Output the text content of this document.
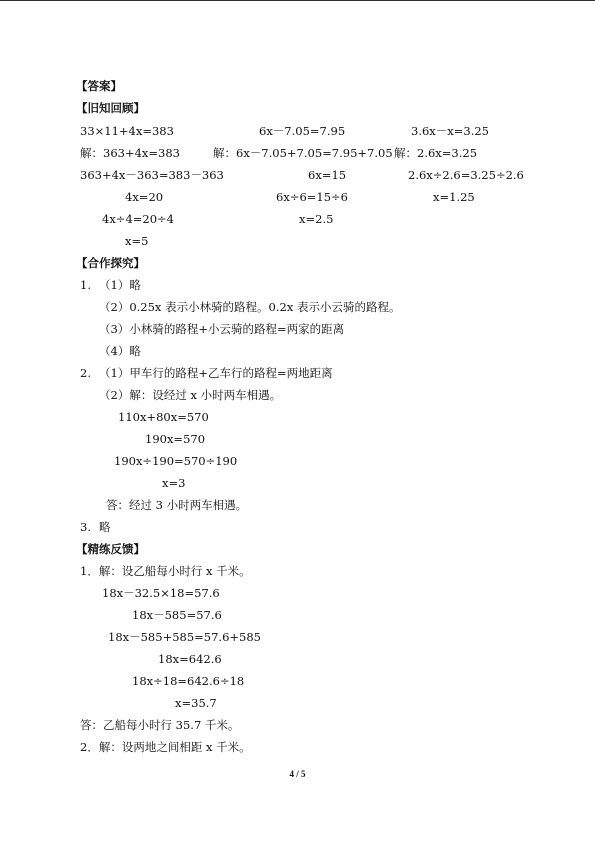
【答案】
【旧知回顾】
33×11+4x=383
解：363+4x=383
363+4x－363=383－363
4x=20
4x÷4=20÷4
x=5
6x－7.05=7.95
解：6x－7.05+7.05=7.95+7.05
6x=15
6x÷6=15÷6
x=2.5
3.6x－x=3.25
解：2.6x=3.25
2.6x÷2.6=3.25÷2.6
x=1.25
【合作探究】
1. （1）略
（2）0.25x 表示小林骑的路程。0.2x 表示小云骑的路程。
（3）小林骑的路程+小云骑的路程=两家的距离
（4）略
2. （1）甲车行的路程+乙车行的路程=两地距离
（2）解：设经过 x 小时两车相遇。
110x+80x=570
190x=570
190x÷190=570÷190
x=3
答：经过 3 小时两车相遇。
3. 略
【精练反馈】
1．解：设乙船每小时行 x 千米。
18x－32.5×18=57.6
18x－585=57.6
18x－585+585=57.6+585
18x=642.6
18x÷18=642.6÷18
x=35.7
答：乙船每小时行 35.7 千米。
2．解：设两地之间相距 x 千米。
4 / 5
